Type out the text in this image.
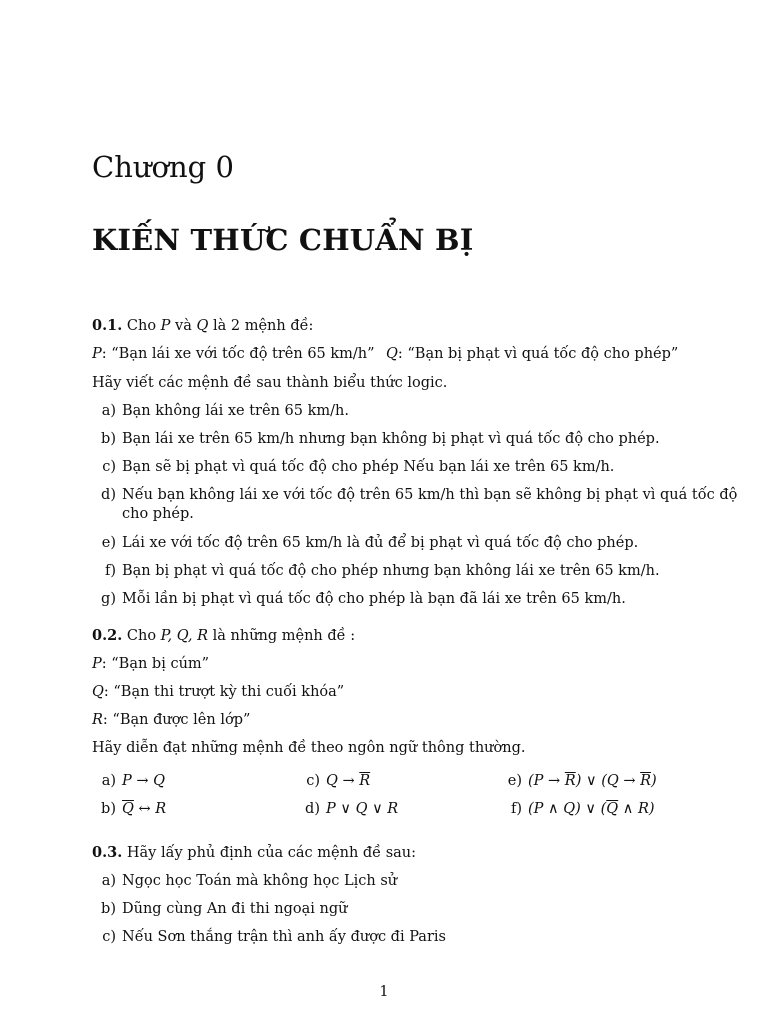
Chương 0
KIẾN THỨC CHUẨN BỊ
0.1. Cho P và Q là 2 mệnh đề:
P: “Bạn lái xe với tốc độ trên 65 km/h” Q: “Bạn bị phạt vì quá tốc độ cho phép”
Hãy viết các mệnh đề sau thành biểu thức logic.
a) Bạn không lái xe trên 65 km/h.
b) Bạn lái xe trên 65 km/h nhưng bạn không bị phạt vì quá tốc độ cho phép.
c) Bạn sẽ bị phạt vì quá tốc độ cho phép Nếu bạn lái xe trên 65 km/h.
d) Nếu bạn không lái xe với tốc độ trên 65 km/h thì bạn sẽ không bị phạt vì quá tốc độ
cho phép.
e) Lái xe với tốc độ trên 65 km/h là đủ để bị phạt vì quá tốc độ cho phép.
f) Bạn bị phạt vì quá tốc độ cho phép nhưng bạn không lái xe trên 65 km/h.
g) Mỗi lần bị phạt vì quá tốc độ cho phép là bạn đã lái xe trên 65 km/h.
0.2. Cho P, Q, R là những mệnh đề :
P: “Bạn bị cúm”
Q: “Bạn thi trượt kỳ thi cuối khóa”
R: “Bạn được lên lớp”
Hãy diễn đạt những mệnh đề theo ngôn ngữ thông thường.
a) P → Q
b) $\overline{Q}$ ↔ R
c) $Q \to \overline{R}$
d) P ∨ Q ∨ R
e) $(P \to \overline{R})$ ∨ $(Q \to \overline{R})$
f) (P ∧ Q) ∨ ($\overline{Q}$ ∧ R)
0.3. Hãy lấy phủ định của các mệnh đề sau:
a) Ngọc học Toán mà không học Lịch sử
b) Dũng cùng An đi thi ngoại ngữ
c) Nếu Sơn thắng trận thì anh ấy được đi Paris
1
